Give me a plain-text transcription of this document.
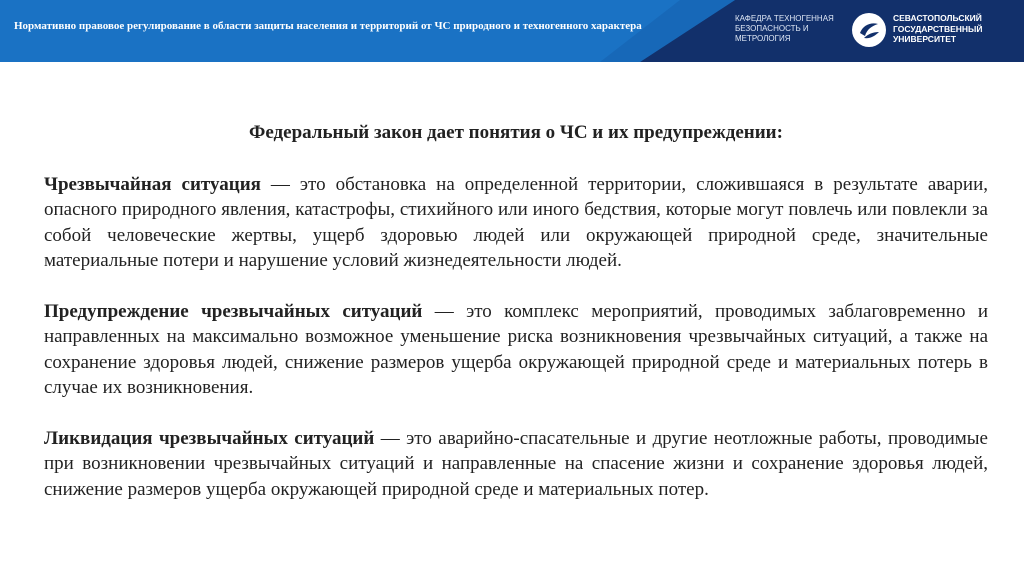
Нормативно правовое регулирование в области защиты населения и территорий от ЧС природного и техногенного характера
КАФЕДРА ТЕХНОГЕННАЯ
БЕЗОПАСНОСТЬ И
МЕТРОЛОГИЯ
СЕВАСТОПОЛЬСКИЙ
ГОСУДАРСТВЕННЫЙ
УНИВЕРСИТЕТ

Федеральный закон дает понятия о ЧС и их предупреждении:

Чрезвычайная ситуация — это обстановка на определенной территории, сложившаяся в результате аварии, опасного природного явления, катастрофы, стихийного или иного бедствия, которые могут повлечь или повлекли за собой человеческие жертвы, ущерб здоровью людей или окружающей природной среде, значительные материальные потери и нарушение условий жизнедеятельности людей.

Предупреждение чрезвычайных ситуаций — это комплекс мероприятий, проводимых заблаговременно и направленных на максимально возможное уменьшение риска возникновения чрезвычайных ситуаций, а также на сохранение здоровья людей, снижение размеров ущерба окружающей природной среде и материальных потерь в случае их возникновения.

Ликвидация чрезвычайных ситуаций — это аварийно-спасательные и другие неотложные работы, проводимые при возникновении чрезвычайных ситуаций и направленные на спасение жизни и сохранение здоровья людей, снижение размеров ущерба окружающей природной среде и материальных потер.
